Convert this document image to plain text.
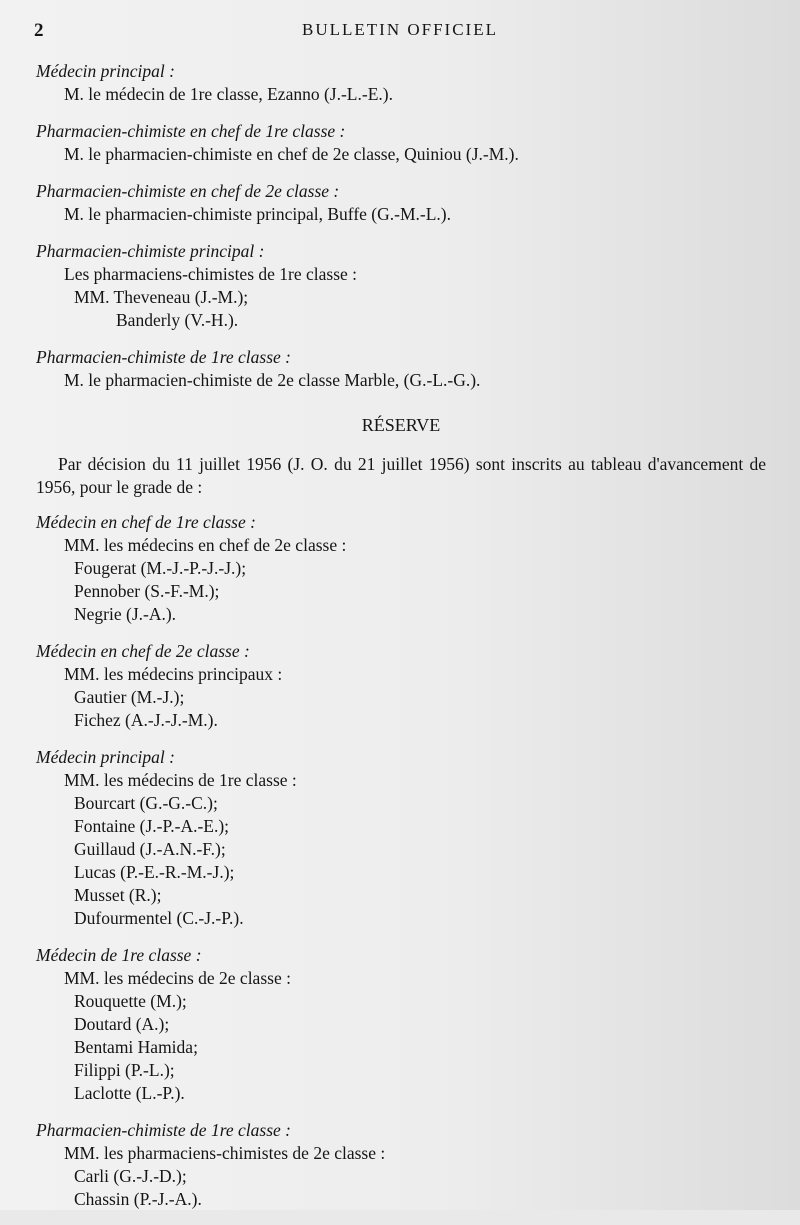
2	BULLETIN OFFICIEL

Médecin principal :

M. le médecin de 1re classe, Ezanno (J.-L.-E.).

Pharmacien-chimiste en chef de 1re classe :

M. le pharmacien-chimiste en chef de 2e classe, Quiniou (J.-M.).

Pharmacien-chimiste en chef de 2e classe :

M. le pharmacien-chimiste principal, Buffe (G.-M.-L.).

Pharmacien-chimiste principal :

Les pharmaciens-chimistes de 1re classe :

MM. Theveneau (J.-M.);

Banderly (V.-H.).

Pharmacien-chimiste de 1re classe :

M. le pharmacien-chimiste de 2e classe Marble, (G.-L.-G.).

RÉSERVE

Par décision du 11 juillet 1956 (J. O. du 21 juillet 1956) sont inscrits au tableau d'avancement de 1956, pour le grade de :

Médecin en chef de 1re classe :

MM. les médecins en chef de 2e classe :

Fougerat (M.-J.-P.-J.-J.);

Pennober (S.-F.-M.);

Negrie (J.-A.).

Médecin en chef de 2e classe :

MM. les médecins principaux :

Gautier (M.-J.);

Fichez (A.-J.-J.-M.).

Médecin principal :

MM. les médecins de 1re classe :

Bourcart (G.-G.-C.);

Fontaine (J.-P.-A.-E.);

Guillaud (J.-A.N.-F.);

Lucas (P.-E.-R.-M.-J.);

Musset (R.);

Dufourmentel (C.-J.-P.).

Médecin de 1re classe :

MM. les médecins de 2e classe :

Rouquette (M.);

Doutard (A.);

Bentami Hamida;

Filippi (P.-L.);

Laclotte (L.-P.).

Pharmacien-chimiste de 1re classe :

MM. les pharmaciens-chimistes de 2e classe :

Carli (G.-J.-D.);

Chassin (P.-J.-A.).
